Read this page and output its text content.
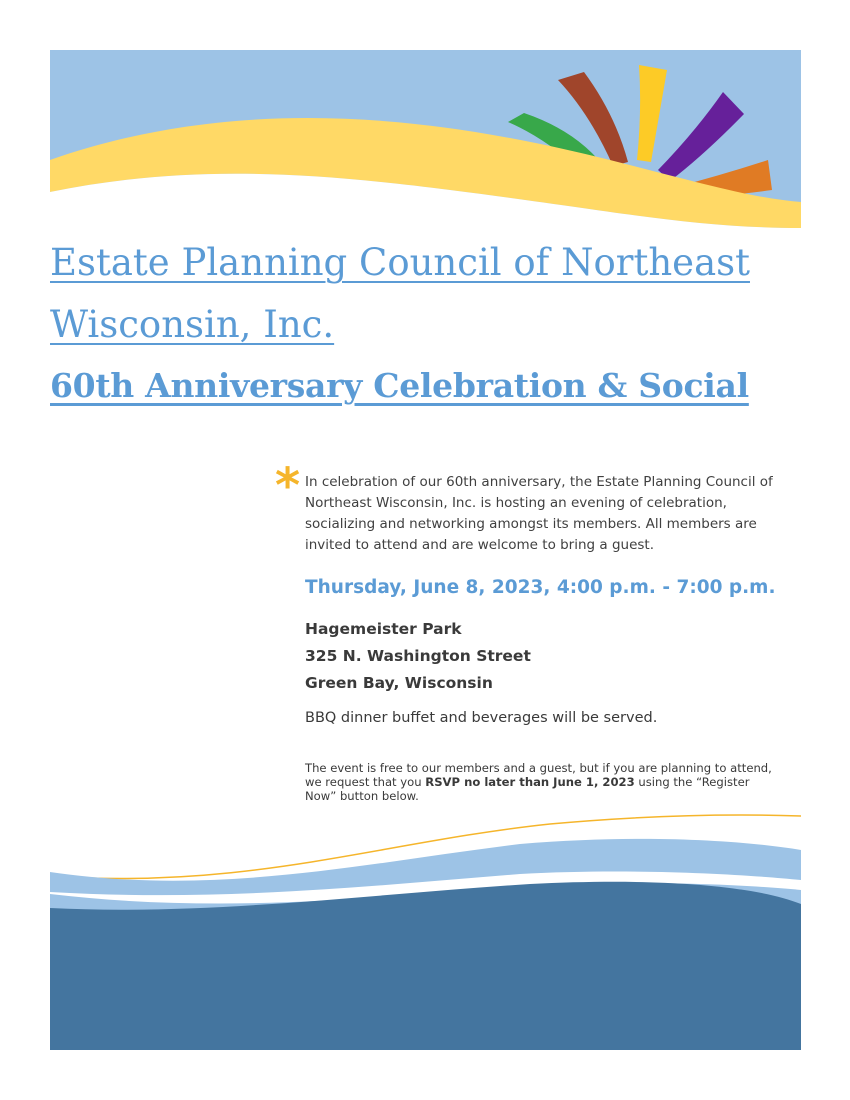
Estate Planning Council of Northeast
Wisconsin, Inc.
60th Anniversary Celebration & Social
* In celebration of our 60th anniversary, the Estate Planning Council of Northeast Wisconsin, Inc. is hosting an evening of celebration, socializing and networking amongst its members. All members are invited to attend and are welcome to bring a guest.

Thursday, June 8, 2023, 4:00 p.m. - 7:00 p.m.
Hagemeister Park
325 N. Washington Street
Green Bay, Wisconsin

BBQ dinner buffet and beverages will be served.

The event is free to our members and a guest, but if you are planning to attend, we request that you RSVP no later than June 1, 2023 using the “Register Now” button below.
